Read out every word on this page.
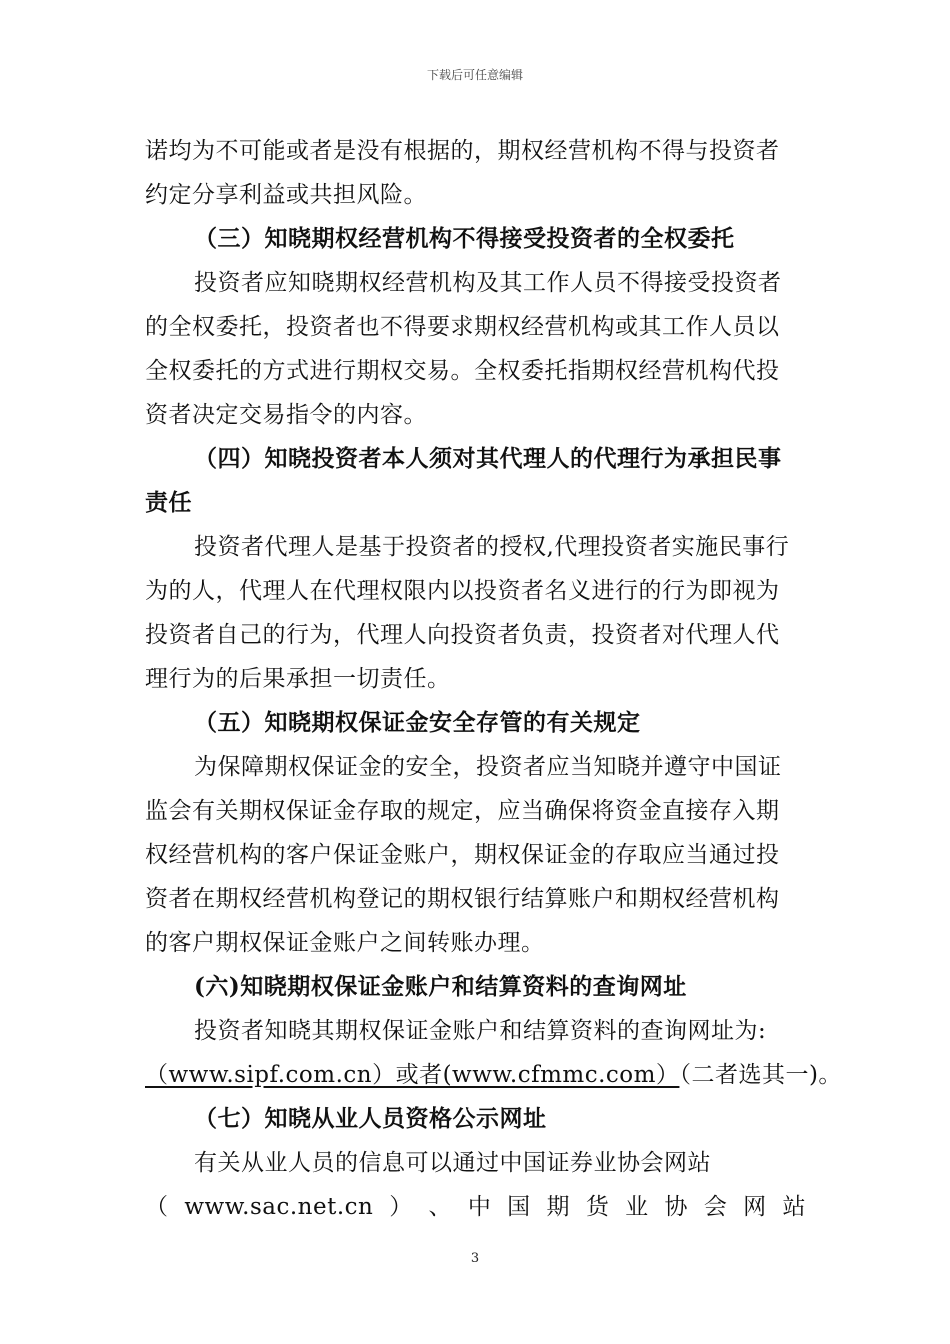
下载后可任意编辑
诺均为不可能或者是没有根据的，期权经营机构不得与投资者
约定分享利益或共担风险。
（三）知晓期权经营机构不得接受投资者的全权委托
投资者应知晓期权经营机构及其工作人员不得接受投资者
的全权委托，投资者也不得要求期权经营机构或其工作人员以
全权委托的方式进行期权交易。全权委托指期权经营机构代投
资者决定交易指令的内容。
（四）知晓投资者本人须对其代理人的代理行为承担民事
责任
投资者代理人是基于投资者的授权,代理投资者实施民事行
为的人，代理人在代理权限内以投资者名义进行的行为即视为
投资者自己的行为，代理人向投资者负责，投资者对代理人代
理行为的后果承担一切责任。
（五）知晓期权保证金安全存管的有关规定
为保障期权保证金的安全，投资者应当知晓并遵守中国证
监会有关期权保证金存取的规定，应当确保将资金直接存入期
权经营机构的客户保证金账户，期权保证金的存取应当通过投
资者在期权经营机构登记的期权银行结算账户和期权经营机构
的客户期权保证金账户之间转账办理。
(六)知晓期权保证金账户和结算资料的查询网址
投资者知晓其期权保证金账户和结算资料的查询网址为:
（www.sipf.com.cn）或者(www.cfmmc.com）（二者选其一)。
（七）知晓从业人员资格公示网址
有关从业人员的信息可以通过中国证券业协会网站
（ www.sac.net.cn ） 、 中 国 期 货 业 协 会 网 站
3
